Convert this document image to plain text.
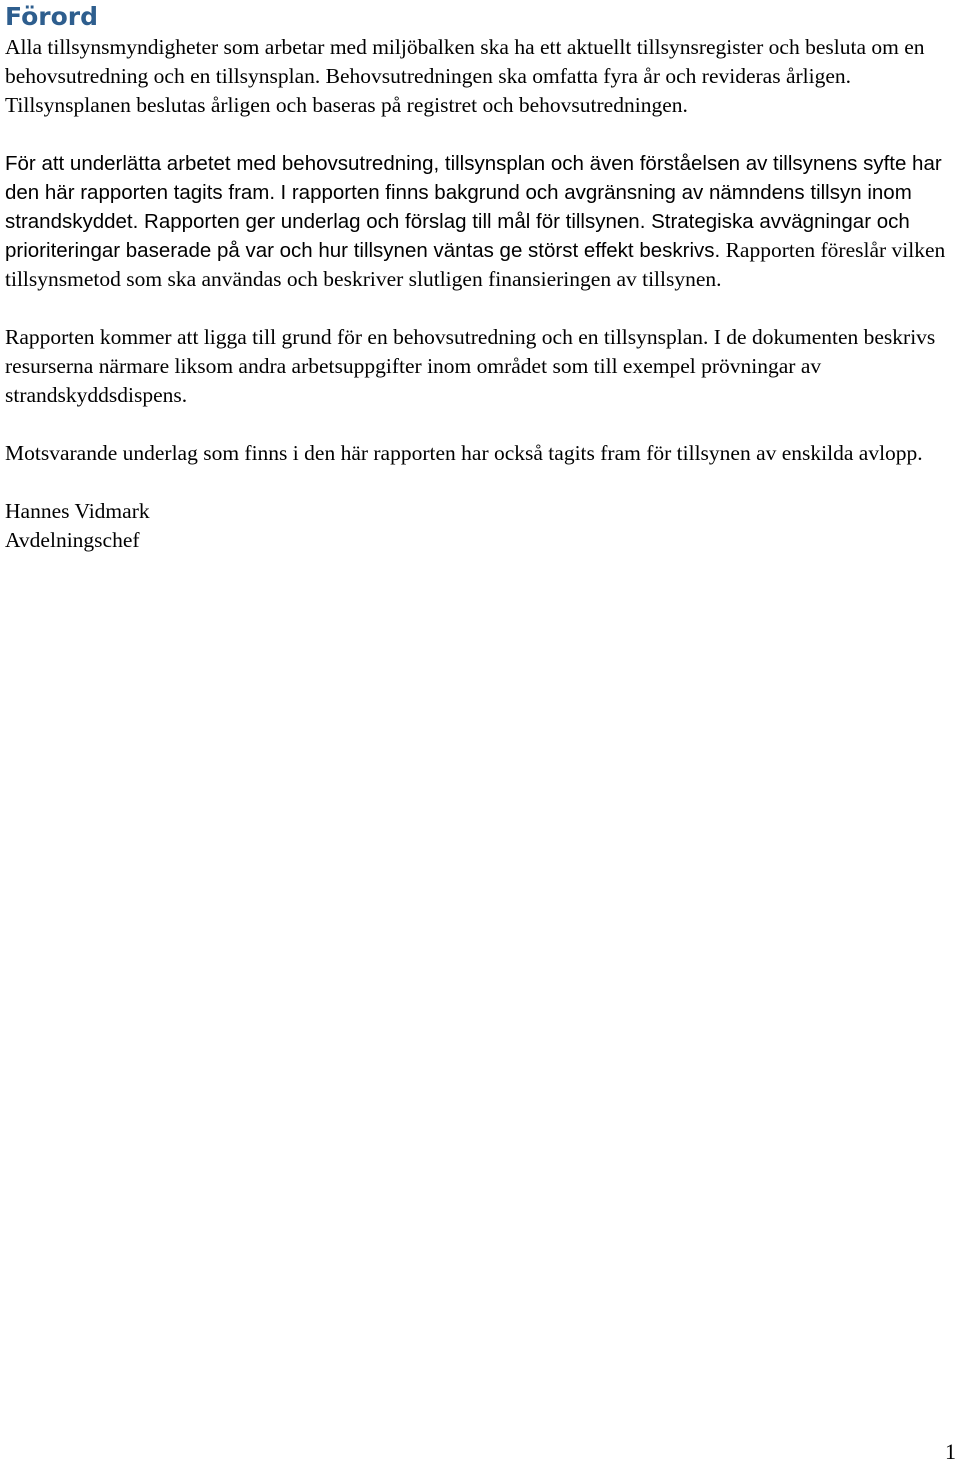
Förord

Alla tillsynsmyndigheter som arbetar med miljöbalken ska ha ett aktuellt tillsynsregister och besluta om en behovsutredning och en tillsynsplan. Behovsutredningen ska omfatta fyra år och revideras årligen. Tillsynsplanen beslutas årligen och baseras på registret och behovsutredningen.

För att underlätta arbetet med behovsutredning, tillsynsplan och även förståelsen av tillsynens syfte har den här rapporten tagits fram. I rapporten finns bakgrund och avgränsning av nämndens tillsyn inom strandskyddet. Rapporten ger underlag och förslag till mål för tillsynen. Strategiska avvägningar och prioriteringar baserade på var och hur tillsynen väntas ge störst effekt beskrivs. Rapporten föreslår vilken tillsynsmetod som ska användas och beskriver slutligen finansieringen av tillsynen.

Rapporten kommer att ligga till grund för en behovsutredning och en tillsynsplan. I de dokumenten beskrivs resurserna närmare liksom andra arbetsuppgifter inom området som till exempel prövningar av strandskyddsdispens.

Motsvarande underlag som finns i den här rapporten har också tagits fram för tillsynen av enskilda avlopp.

Hannes Vidmark

Avdelningschef

1
